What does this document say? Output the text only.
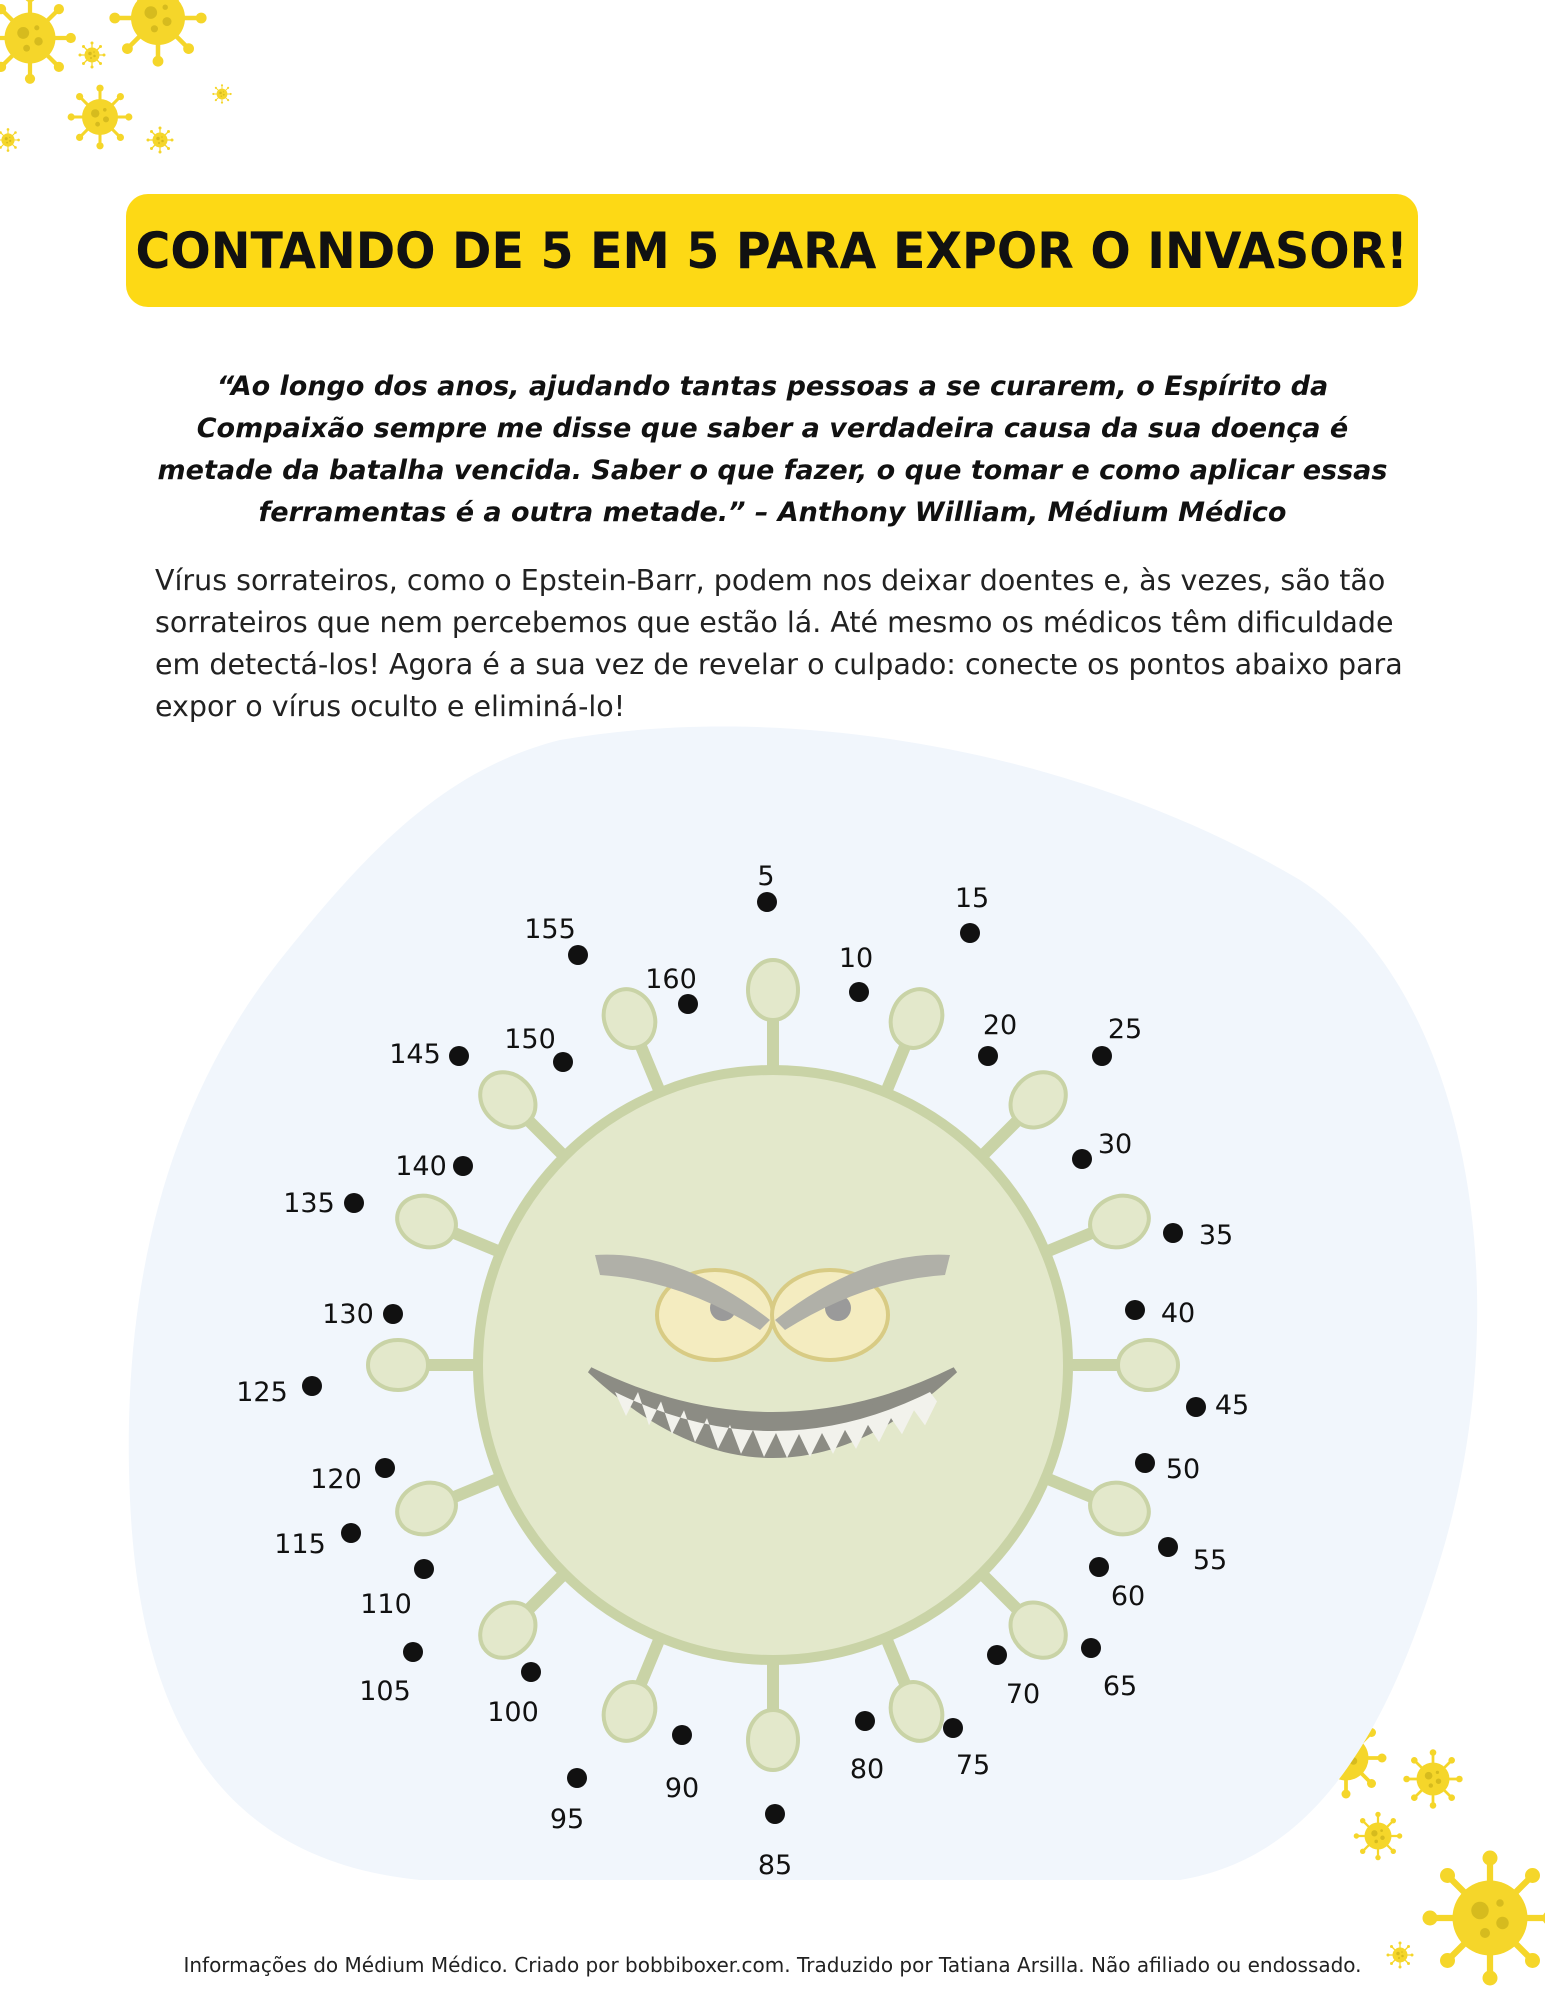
CONTANDO DE 5 EM 5 PARA EXPOR O INVASOR!
“Ao longo dos anos, ajudando tantas pessoas a se curarem, o Espírito da Compaixão sempre me disse que saber a verdadeira causa da sua doença é metade da batalha vencida. Saber o que fazer, o que tomar e como aplicar essas ferramentas é a outra metade.” – Anthony William, Médium Médico
Vírus sorrateiros, como o Epstein-Barr, podem nos deixar doentes e, às vezes, são tão sorrateiros que nem percebemos que estão lá. Até mesmo os médicos têm dificuldade em detectá-los! Agora é a sua vez de revelar o culpado: conecte os pontos abaixo para expor o vírus oculto e eliminá-lo!
5
10
15
20	25
30
35
40
45
50
55
60
65
70
75
80
85
90
95
100
105
110
115
120
125
130
135
140
145 150
155
160
Informações do Médium Médico. Criado por bobbiboxer.com. Traduzido por Tatiana Arsilla. Não afiliado ou endossado.
